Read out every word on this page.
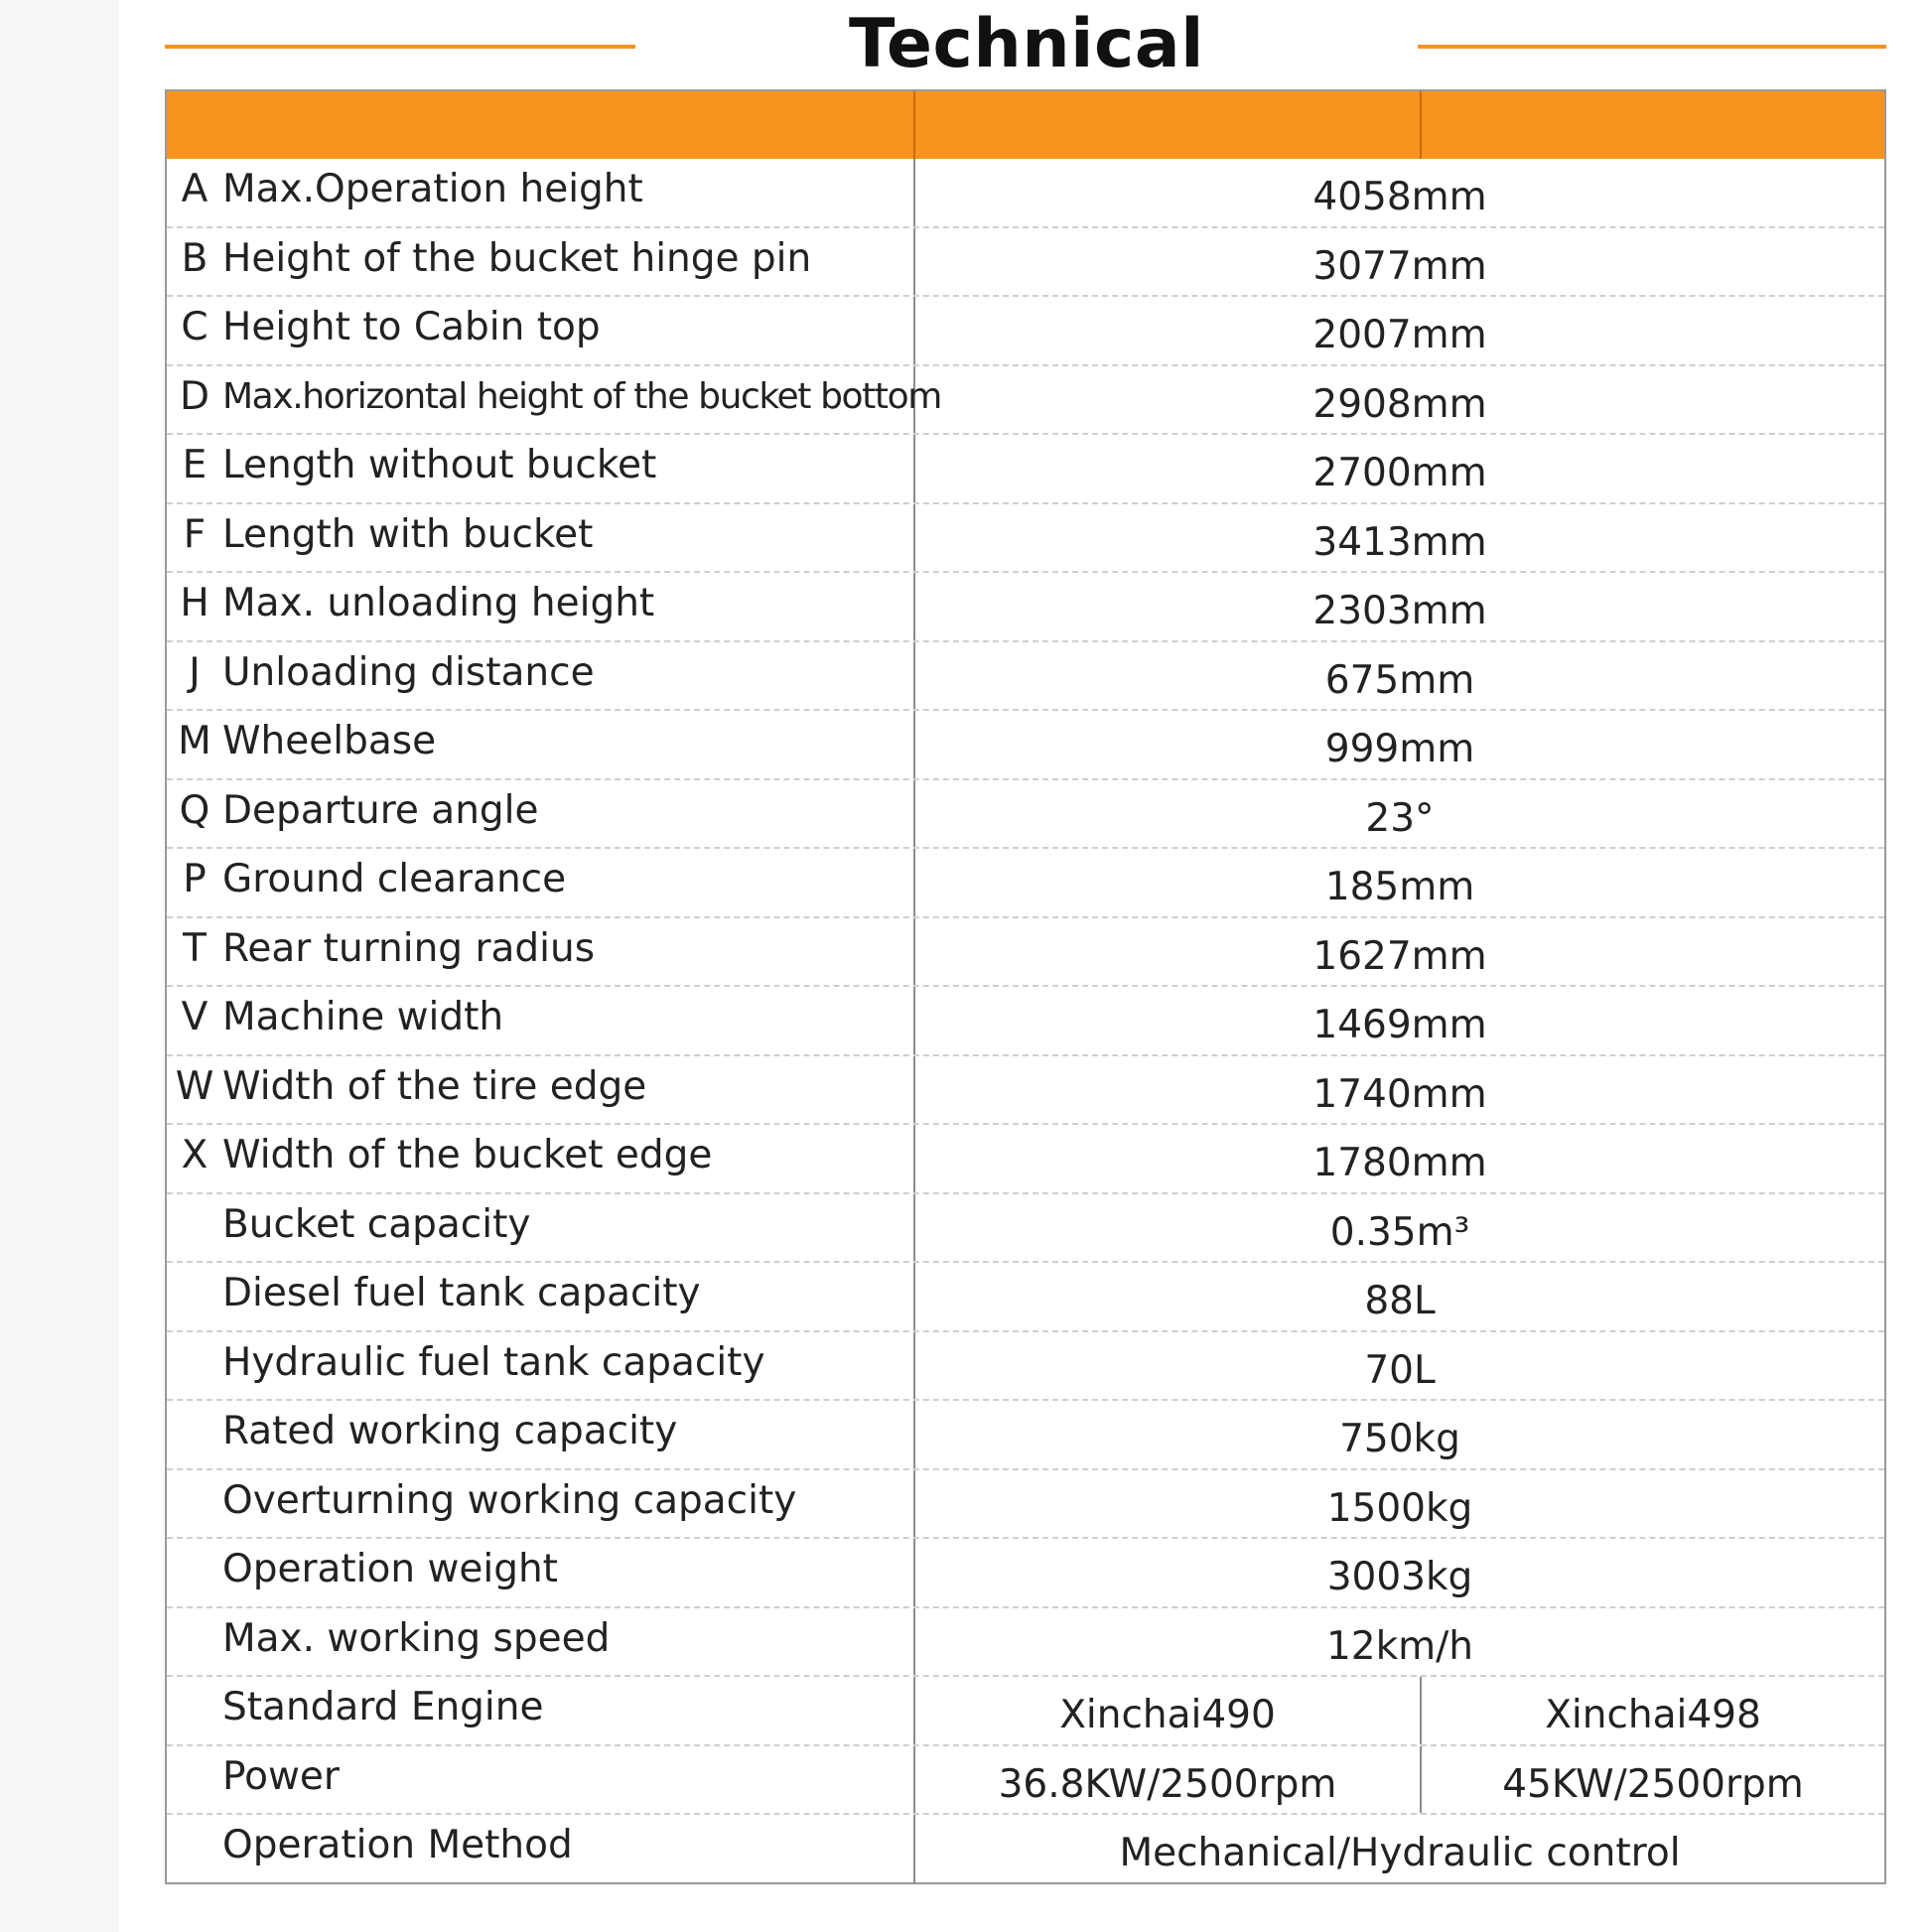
Technical
A Max.Operation height	4058mm
B Height of the bucket hinge pin	3077mm
C Height to Cabin top	2007mm
D Max.horizontal height of the bucket bottom	2908mm
E Length without bucket	2700mm
F Length with bucket	3413mm
H Max. unloading height	2303mm
J Unloading distance	675mm
M Wheelbase	999mm
Q Departure angle	23°
P Ground clearance	185mm
T Rear turning radius	1627mm
V Machine width	1469mm
W Width of the tire edge	1740mm
X Width of the bucket edge	1780mm
Bucket capacity	0.35m³
Diesel fuel tank capacity	88L
Hydraulic fuel tank capacity	70L
Rated working capacity	750kg
Overturning working capacity	1500kg
Operation weight	3003kg
Max. working speed	12km/h
Standard Engine	Xinchai490	Xinchai498
Power	36.8KW/2500rpm	45KW/2500rpm
Operation Method	Mechanical/Hydraulic control
